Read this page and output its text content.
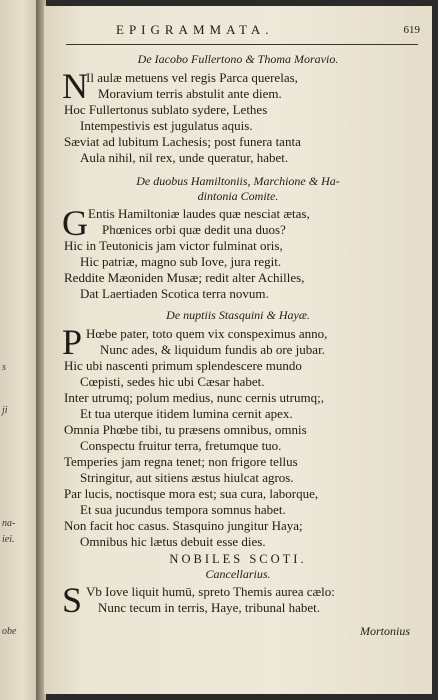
s
ji
na-
iei.
obe
EPIGRAMMATA.	619
De Iacobo Fullertono & Thoma Moravio.
N
Il aulæ metuens vel regis Parca querelas,
Moravium terris abstulit ante diem.
Hoc Fullertonus sublato sydere, Lethes
Intempestivis est jugulatus aquis.
Sæviat ad lubitum Lachesis; post funera tanta
Aula nihil, nil rex, unde queratur, habet.
De duobus Hamiltoniis, Marchione & Ha-
dintonia Comite.
G Entis Hamiltoniæ laudes quæ nesciat ætas,
Phœnices orbi quæ dedit una duos?
Hic in Teutonicis jam victor fulminat oris,
Hic patriæ, magno sub Iove, jura regit.
Reddite Mæoniden Musæ; redit alter Achilles,
Dat Laertiaden Scotica terra novum.
De nuptiis Stasquini & Hayæ.
P Hœbe pater, toto quem vix conspeximus anno,
Nunc ades, & liquidum fundis ab ore jubar.
Hic ubi nascenti primum splendescere mundo
Cœpisti, sedes hic ubi Cæsar habet.
Inter utrumq; polum medius, nunc cernis utrumq;,
Et tua uterque itidem lumina cernit apex.
Omnia Phœbe tibi, tu præsens omnibus, omnis
Conspectu fruitur terra, fretumque tuo.
Temperies jam regna tenet; non frigore tellus
Stringitur, aut sitiens æstus hiulcat agros.
Par lucis, noctisque mora est; sua cura, laborque,
Et sua jucundus tempora somnus habet.
Non facit hoc casus. Stasquino jungitur Haya;
Omnibus hic lætus debuit esse dies.
NOBILES SCOTI.
Cancellarius.
S Vb Iove liquit humū, spreto Themis aurea cælo:
Nunc tecum in terris, Haye, tribunal habet.
Mortonius
